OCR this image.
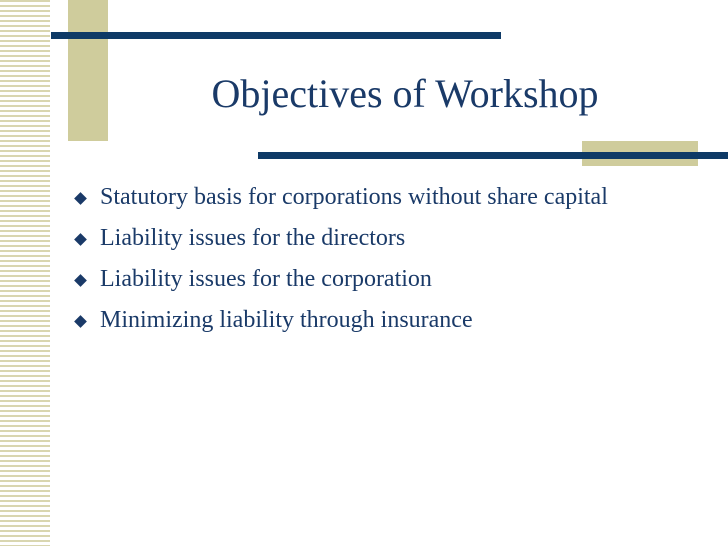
Objectives of Workshop
Statutory basis for corporations without share capital
Liability issues for the directors
Liability issues for the corporation
Minimizing liability through insurance
